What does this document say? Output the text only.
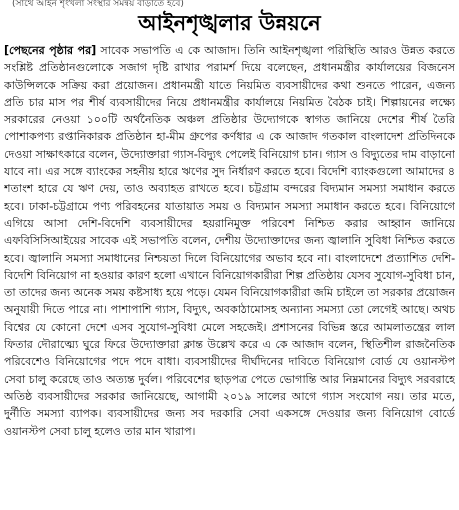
(সাথে আইন শৃংখলা সংস্থার সমন্বয় বাড়াতে হবে)
আইনশৃঙ্খলার উন্নয়নে

[পেছনের পৃষ্ঠার পর] সাবেক সভাপতি এ কে আজাদ। তিনি আইনশৃঙ্খলা পরিস্থিতি আরও উন্নত করতে সংশ্লিষ্ট প্রতিষ্ঠানগুলোকে সজাগ দৃষ্টি রাখার পরামর্শ দিয়ে বলেছেন, প্রধানমন্ত্রীর কার্যালয়ের বিজনেস কাউন্সিলকে সক্রিয় করা প্রয়োজন। প্রধানমন্ত্রী যাতে নিয়মিত ব্যবসায়ীদের কথা শুনতে পারেন, এজন্য প্রতি চার মাস পর শীর্ষ ব্যবসায়ীদের নিয়ে প্রধানমন্ত্রীর কার্যালয়ে নিয়মিত বৈঠক চাই। শিল্পায়নের লক্ষ্যে সরকারের নেওয়া ১০০টি অর্থনৈতিক অঞ্চল প্রতিষ্ঠার উদ্যোগকে স্বাগত জানিয়ে দেশের শীর্ষ তৈরি পোশাকপণ্য রপ্তানিকারক প্রতিষ্ঠান হা-মীম গ্রুপের কর্ণধার এ কে আজাদ গতকাল বাংলাদেশ প্রতিদিনকে দেওয়া সাক্ষাৎকারে বলেন, উদ্যোক্তারা গ্যাস-বিদ্যুৎ পেলেই বিনিয়োগ চান। গ্যাস ও বিদ্যুতের দাম বাড়ানো যাবে না। এর সঙ্গে ব্যাংকের সহনীয় হারে ঋণের সুদ নির্ধারণ করতে হবে। বিদেশি ব্যাংকগুলো আমাদের ৪ শতাংশ হারে যে ঋণ দেয়, তাও অব্যাহত রাখতে হবে। চট্টগ্রাম বন্দরের বিদ্যমান সমস্যা সমাধান করতে হবে। ঢাকা-চট্টগ্রামে পণ্য পরিবহনের যাতায়াত সময় ও বিদ্যমান সমস্যা সমাধান করতে হবে। বিনিয়োগে এগিয়ে আসা দেশি-বিদেশি ব্যবসায়ীদের হয়রানিমুক্ত পরিবেশ নিশ্চিত করার আহ্বান জানিয়ে এফবিসিসিআইয়ের সাবেক এই সভাপতি বলেন, দেশীয় উদ্যোক্তাদের জন্য জ্বালানি সুবিধা নিশ্চিত করতে হবে। জ্বালানি সমস্যা সমাধানের নিশ্চয়তা দিলে বিনিয়োগের অভাব হবে না। বাংলাদেশে প্রত্যাশিত দেশি-বিদেশি বিনিয়োগ না হওয়ার কারণ হলো এখানে বিনিয়োগকারীরা শিল্প প্রতিষ্ঠায় যেসব সুযোগ-সুবিধা চান, তা তাদের জন্য অনেক সময় কষ্টসাধ্য হয়ে পড়ে। যেমন বিনিয়োগকারীরা জমি চাইলে তা সরকার প্রয়োজন অনুযায়ী দিতে পারে না। পাশাপাশি গ্যাস, বিদ্যুৎ, অবকাঠামোসহ অন্যান্য সমস্যা তো লেগেই আছে। অথচ বিশ্বের যে কোনো দেশে এসব সুযোগ-সুবিধা মেলে সহজেই। প্রশাসনের বিভিন্ন স্তরে আমলাতন্ত্রের লাল ফিতার দৌরাত্ম্যে ঘুরে ফিরে উদ্যোক্তারা ক্লান্ত উল্লেখ করে এ কে আজাদ বলেন, স্থিতিশীল রাজনৈতিক পরিবেশেও বিনিয়োগের পদে পদে বাধা। ব্যবসায়ীদের দীর্ঘদিনের দাবিতে বিনিয়োগ বোর্ড যে ওয়ানস্টপ সেবা চালু করেছে তাও অত্যন্ত দুর্বল। পরিবেশের ছাড়পত্র পেতে ভোগান্তি আর নিম্নমানের বিদ্যুৎ সরবরাহে অতিষ্ঠ ব্যবসায়ীদের সরকার জানিয়েছে, আগামী ২০১৯ সালের আগে গ্যাস সংযোগ নয়। তার মতে, দুর্নীতি সমস্যা ব্যাপক। ব্যবসায়ীদের জন্য সব দরকারি সেবা একসঙ্গে দেওয়ার জন্য বিনিয়োগ বোর্ডে ওয়ানস্টপ সেবা চালু হলেও তার মান খারাপ।
